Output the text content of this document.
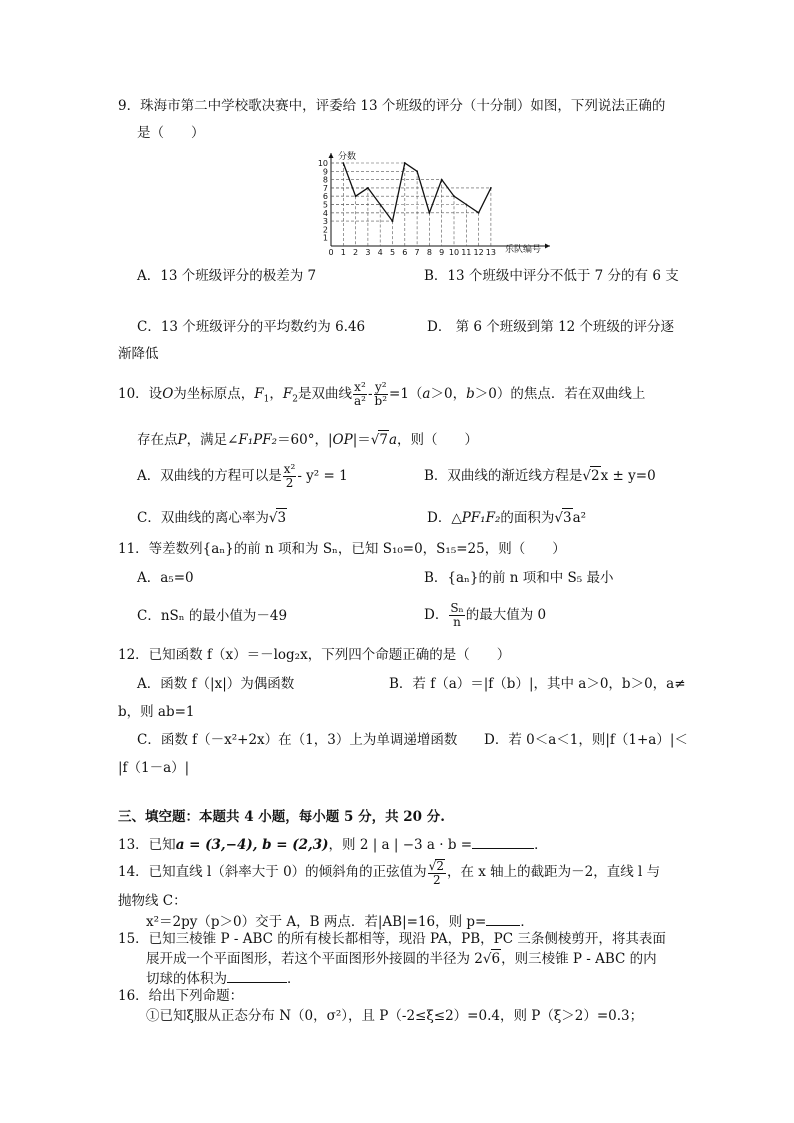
9．珠海市第二中学校歌决赛中，评委给 13 个班级的评分（十分制）如图，下列说法正确的
是（　　）
0 1 2 3 4 5 6 7 8 9 10 11 12 13
1
2
3
4
5
6
7
8
9
10
分数
乐队编号
A．13 个班级评分的极差为 7	B．13 个班级中评分不低于 7 分的有 6 支
C．13 个班级评分的平均数约为 6.46	D． 第 6 个班级到第 12 个班级的评分逐
渐降低
10．设O为坐标原点，$F_1$，$F_2$是双曲线 $\frac{\text{x²}}{\text{a²}} - \frac{\text{y²}}{\text{b²}} =1(a>0$，b＞0）的焦点．若在双曲线上
存在点P，满足∠F₁PF₂＝60°，|OP|＝√7a，则（　　）
A．双曲线的方程可以是 $\frac{\text{x²}}{2} - y^2 = 1$	B．双曲线的渐近线方程是√2x ± y=0
C．双曲线的离心率为√3	D．△PF₁F₂的面积为√3a²
11．等差数列{aₙ}的前 n 项和为 Sₙ，已知 S₁₀=0，S₁₅=25，则（　　）
A．a₅=0	B．{aₙ}的前 n 项和中 S₅ 最小
C．nSₙ 的最小值为－49	D． $\frac{\text{Sₙ}}{n}$ 的最大值为 0
12．已知函数 f（x）＝－log₂x，下列四个命题正确的是（　　）
A．函数 f（|x|）为偶函数	B．若 f（a）＝|f（b）|，其中 a＞0，b＞0，a≠
b，则 ab=1
C．函数 f（－x²+2x）在（1，3）上为单调递增函数 D．若 0＜a＜1，则|f（1+a）|＜
|f（1－a）|
三、填空题：本题共 4 小题，每小题 5 分，共 20 分.
13．已知a = (3,−4), b = (2,3)，则 2 | a | −3 a · b =	．
14．已知直线 l（斜率大于 0）的倾斜角的正弦值为 $\frac{√2}{2}$ ，在 x 轴上的截距为－2，直线 l 与
抛物线 C：
x²＝2py（p＞0）交于 A，B 两点．若|AB|=16，则 p=	．
15．已知三棱锥 P - ABC 的所有棱长都相等，现沿 PA，PB，PC 三条侧棱剪开，将其表面
展开成一个平面图形，若这个平面图形外接圆的半径为 2√6，则三棱锥 P - ABC 的内
切球的体积为	．
16．给出下列命题：
①已知ξ服从正态分布 N（0，σ²），且 P（-2≤ξ≤2）=0.4，则 P（ξ＞2）=0.3；
